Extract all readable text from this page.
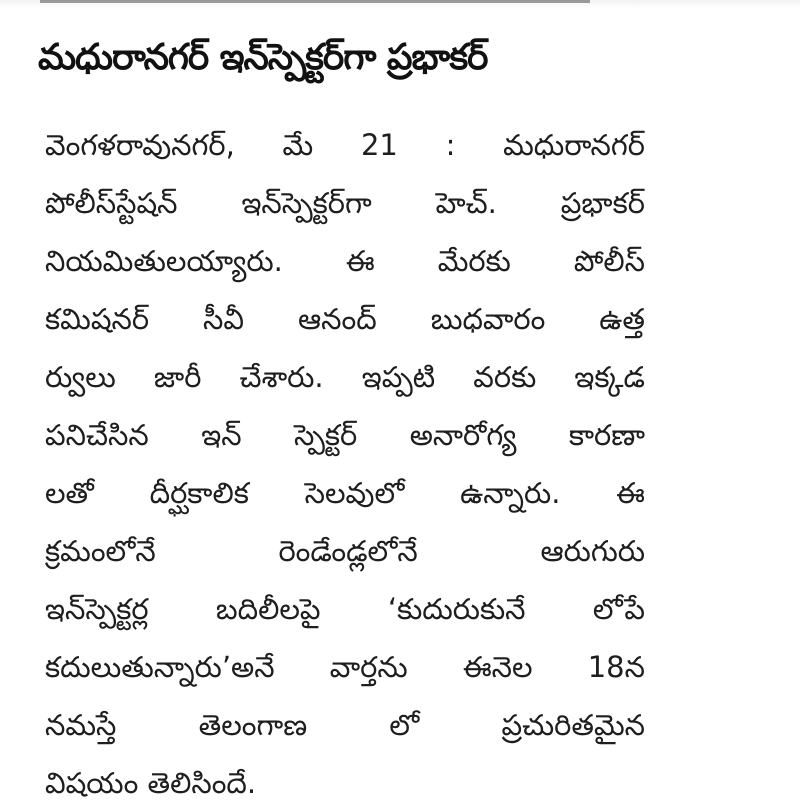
మధురానగర్ ఇన్‌స్పెక్టర్‌గా ప్రభాకర్
వెంగళరావునగర్, మే 21 : మధురానగర్
పోలీస్‌స్టేషన్ ఇన్‌స్పెక్టర్‌గా హెచ్. ప్రభాకర్
నియమితులయ్యారు. ఈ మేరకు పోలీస్
కమిషనర్ సీవీ ఆనంద్ బుధవారం ఉత్త
ర్వులు జారీ చేశారు. ఇప్పటి వరకు ఇక్కడ
పనిచేసిన ఇన్ స్పెక్టర్ అనారోగ్య కారణా
లతో దీర్ఘకాలిక సెలవులో ఉన్నారు. ఈ
క్రమంలోనే రెండేండ్లలోనే ఆరుగురు
ఇన్‌స్పెక్టర్ల బదిలీలపై ‘కుదురుకునే లోపే
కదులుతున్నారు’అనే వార్తను ఈనెల 18న
నమస్తే తెలంగాణ లో ప్రచురితమైన
విషయం తెలిసిందే.
